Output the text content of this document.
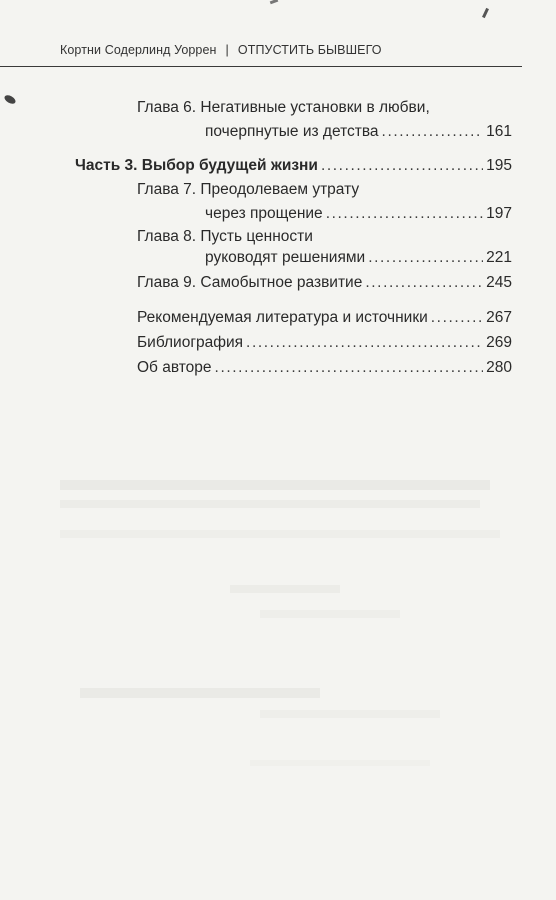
Кортни Содерлинд Уоррен | ОТПУСТИТЬ БЫВШЕГО
Глава 6. Негативные установки в любви,
почерпнутые из детства .....	161
Часть 3. Выбор будущей жизни .....	195
Глава 7. Преодолеваем утрату
через прощение .....	197
Глава 8. Пусть ценности
руководят решениями .....	221
Глава 9. Самобытное развитие .....	245
Рекомендуемая литература и источники .....	267
Библиография .....	269
Об авторе .....	280
